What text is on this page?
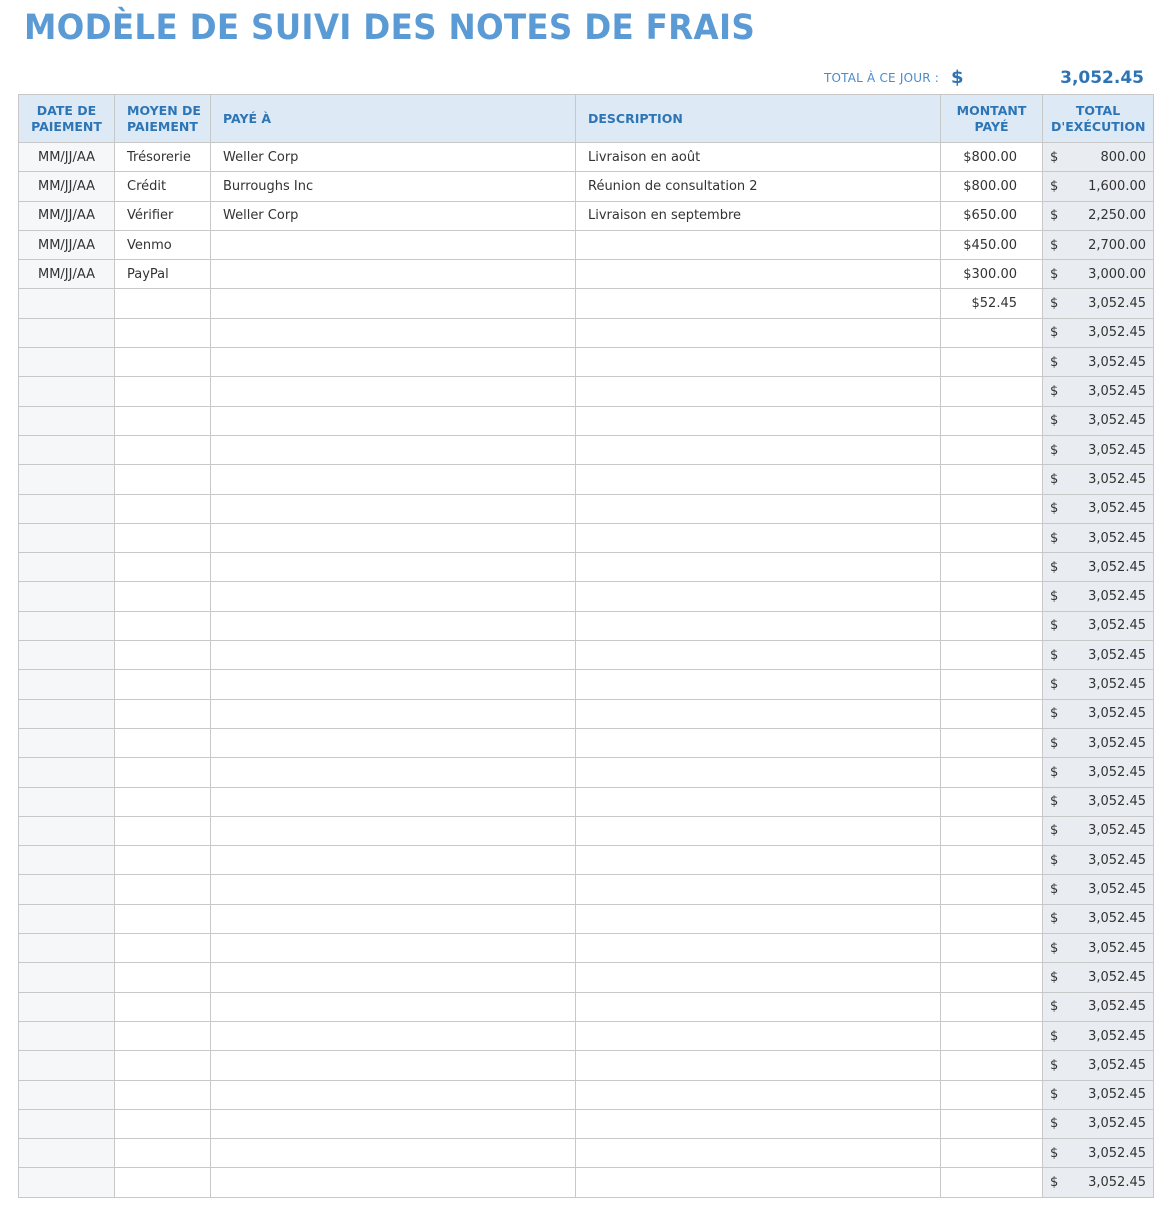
MODÈLE DE SUIVI DES NOTES DE FRAIS
TOTAL À CE JOUR : $	3,052.45
DATE DE PAIEMENT	MOYEN DE PAIEMENT	PAYÉ À	DESCRIPTION	MONTANT PAYÉ	TOTAL D'EXÉCUTION
MM/JJ/AA	Trésorerie	Weller Corp	Livraison en août	$800.00	$ 800.00

MM/JJ/AA	Crédit	Burroughs Inc	Réunion de consultation 2	$800.00	$ 1,600.00

MM/JJ/AA	Vérifier	Weller Corp	Livraison en septembre	$650.00	$ 2,250.00

MM/JJ/AA	Venmo			$450.00	$ 2,700.00

MM/JJ/AA	PayPal			$300.00	$ 3,000.00

				$52.45	$ 3,052.45

					$ 3,052.45

					$ 3,052.45

					$ 3,052.45

					$ 3,052.45

					$ 3,052.45

					$ 3,052.45

					$ 3,052.45

					$ 3,052.45

					$ 3,052.45

					$ 3,052.45

					$ 3,052.45

					$ 3,052.45

					$ 3,052.45

					$ 3,052.45

					$ 3,052.45

					$ 3,052.45

					$ 3,052.45

					$ 3,052.45

					$ 3,052.45

					$ 3,052.45

					$ 3,052.45

					$ 3,052.45

					$ 3,052.45

					$ 3,052.45

					$ 3,052.45

					$ 3,052.45

					$ 3,052.45

					$ 3,052.45

					$ 3,052.45

					$ 3,052.45
